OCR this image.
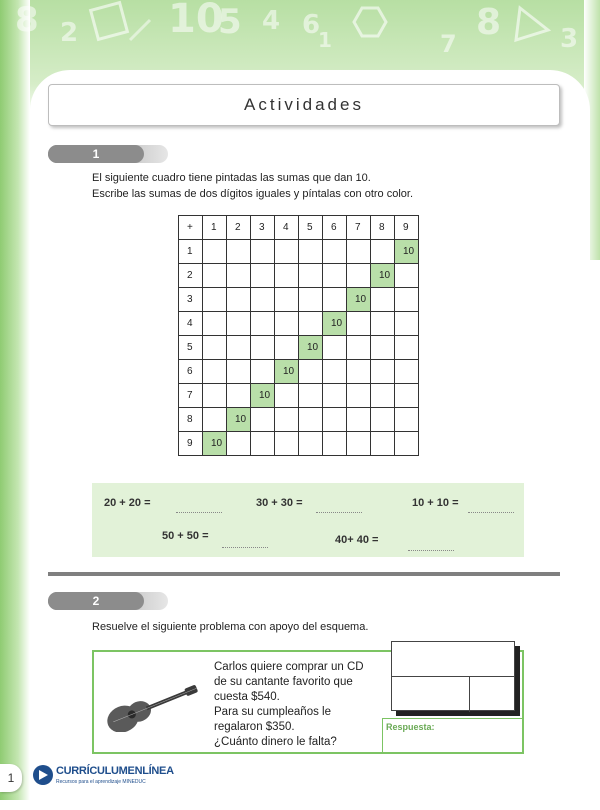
8 2 10
5 4 6	8
1	7	3
Actividades
1
El siguiente cuadro tiene pintadas las sumas que dan 10.
Escribe las sumas de dos dígitos iguales y píntalas con otro color.
+	1	2	3	4	5	6	7	8	9
1									10
2								10	
3							10		
4						10			
5					10				
6				10					
7			10						
8		10							
9	10								
20 + 20 =	30 + 30 =	10 + 10 =
50 + 50 =	40+ 40 =
2
Resuelve el siguiente problema con apoyo del esquema.
Carlos quiere comprar un CD
de su cantante favorito que
cuesta $540.
Para su cumpleaños le
regalaron $350.
¿Cuánto dinero le falta?
Respuesta:
1	CURRÍCULUMENLÍNEA
Recursos para el aprendizaje MINEDUC
